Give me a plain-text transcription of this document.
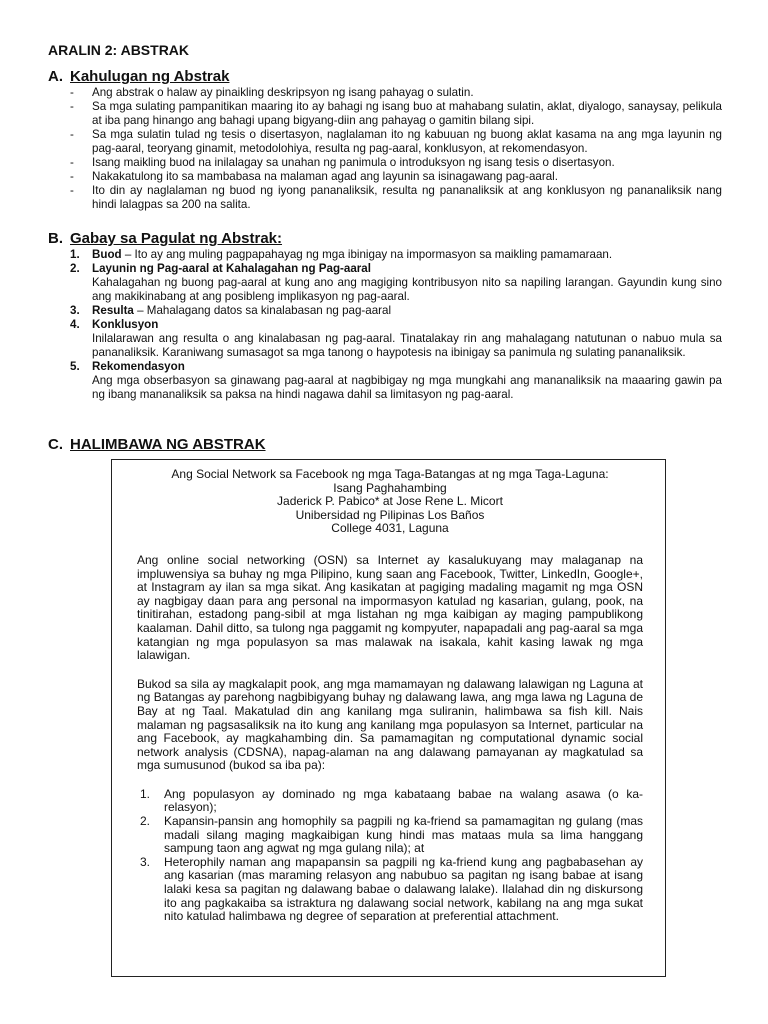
ARALIN 2: ABSTRAK
A. Kahulugan ng Abstrak
- Ang abstrak o halaw ay pinaikling deskripsyon ng isang pahayag o sulatin.
- Sa mga sulating pampanitikan maaring ito ay bahagi ng isang buo at mahabang sulatin, aklat, diyalogo, sanaysay, pelikula at iba pang hinango ang bahagi upang bigyang-diin ang pahayag o gamitin bilang sipi.
- Sa mga sulatin tulad ng tesis o disertasyon, naglalaman ito ng kabuuan ng buong aklat kasama na ang mga layunin ng pag-aaral, teoryang ginamit, metodolohiya, resulta ng pag-aaral, konklusyon, at rekomendasyon.
- Isang maikling buod na inilalagay sa unahan ng panimula o introduksyon ng isang tesis o disertasyon.
- Nakakatulong ito sa mambabasa na malaman agad ang layunin sa isinagawang pag-aaral.
- Ito din ay naglalaman ng buod ng iyong pananaliksik, resulta ng pananaliksik at ang konklusyon ng pananaliksik nang hindi lalagpas sa 200 na salita.
B. Gabay sa Pagulat ng Abstrak:
1. Buod – Ito ay ang muling pagpapahayag ng mga ibinigay na impormasyon sa maikling pamamaraan.
2. Layunin ng Pag-aaral at Kahalagahan ng Pag-aaral
Kahalagahan ng buong pag-aaral at kung ano ang magiging kontribusyon nito sa napiling larangan. Gayundin kung sino ang makikinabang at ang posibleng implikasyon ng pag-aaral.
3. Resulta – Mahalagang datos sa kinalabasan ng pag-aaral
4. Konklusyon
Inilalarawan ang resulta o ang kinalabasan ng pag-aaral. Tinatalakay rin ang mahalagang natutunan o nabuo mula sa pananaliksik. Karaniwang sumasagot sa mga tanong o haypotesis na ibinigay sa panimula ng sulating pananaliksik.
5. Rekomendasyon
Ang mga obserbasyon sa ginawang pag-aaral at nagbibigay ng mga mungkahi ang mananaliksik na maaaring gawin pa ng ibang mananaliksik sa paksa na hindi nagawa dahil sa limitasyon ng pag-aaral.
C. HALIMBAWA NG ABSTRAK
Ang Social Network sa Facebook ng mga Taga-Batangas at ng mga Taga-Laguna:
Isang Paghahambing
Jaderick P. Pabico* at Jose Rene L. Micort
Unibersidad ng Pilipinas Los Baños
College 4031, Laguna

Ang online social networking (OSN) sa Internet ay kasalukuyang may malaganap na impluwensiya sa buhay ng mga Pilipino, kung saan ang Facebook, Twitter, LinkedIn, Google+, at Instagram ay ilan sa mga sikat. Ang kasikatan at pagiging madaling magamit ng mga OSN ay nagbigay daan para ang personal na impormasyon katulad ng kasarian, gulang, pook, na tinitirahan, estadong pang-sibil at mga listahan ng mga kaibigan ay maging pampublikong kaalaman. Dahil ditto, sa tulong nga paggamit ng kompyuter, napapadali ang pag-aaral sa mga katangian ng mga populasyon sa mas malawak na isakala, kahit kasing lawak ng mga lalawigan.

Bukod sa sila ay magkalapit pook, ang mga mamamayan ng dalawang lalawigan ng Laguna at ng Batangas ay parehong nagbibigyang buhay ng dalawang lawa, ang mga lawa ng Laguna de Bay at ng Taal. Makatulad din ang kanilang mga suliranin, halimbawa sa fish kill. Nais malaman ng pagsasaliksik na ito kung ang kanilang mga populasyon sa Internet, particular na ang Facebook, ay magkahambing din. Sa pamamagitan ng computational dynamic social network analysis (CDSNA), napag-alaman na ang dalawang pamayanan ay magkatulad sa mga sumusunod (bukod sa iba pa):

1. Ang populasyon ay dominado ng mga kabataang babae na walang asawa (o ka-relasyon);
2. Kapansin-pansin ang homophily sa pagpili ng ka-friend sa pamamagitan ng gulang (mas madali silang maging magkaibigan kung hindi mas mataas mula sa lima hanggang sampung taon ang agwat ng mga gulang nila); at
3. Heterophily naman ang mapapansin sa pagpili ng ka-friend kung ang pagbabasehan ay ang kasarian (mas maraming relasyon ang nabubuo sa pagitan ng isang babae at isang lalaki kesa sa pagitan ng dalawang babae o dalawang lalake). Ilalahad din ng diskursong ito ang pagkakaiba sa istraktura ng dalawang social network, kabilang na ang mga sukat nito katulad halimbawa ng degree of separation at preferential attachment.
